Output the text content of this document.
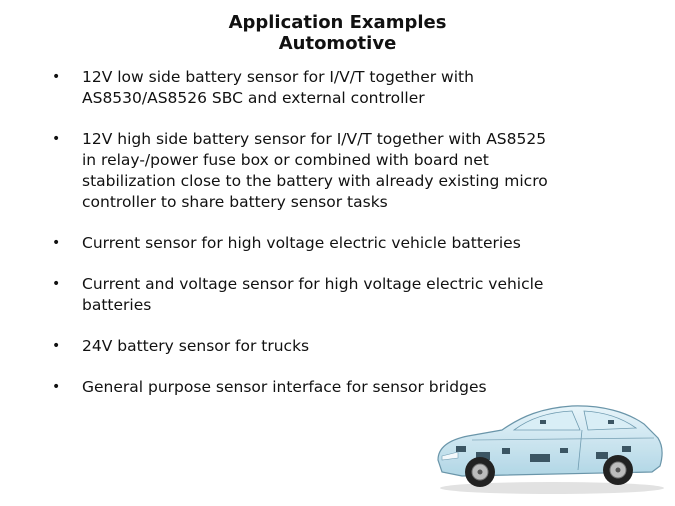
Application Examples
Automotive
•	12V low side battery sensor for I/V/T together with
AS8530/AS8526 SBC and external controller
•	12V high side battery sensor for I/V/T together with AS8525
in relay-/power fuse box or combined with board net
stabilization close to the battery with already existing micro
controller to share battery sensor tasks
•	Current sensor for high voltage electric vehicle batteries
•	Current and voltage sensor for high voltage electric vehicle
batteries
•	24V battery sensor for trucks
•	General purpose sensor interface for sensor bridges
